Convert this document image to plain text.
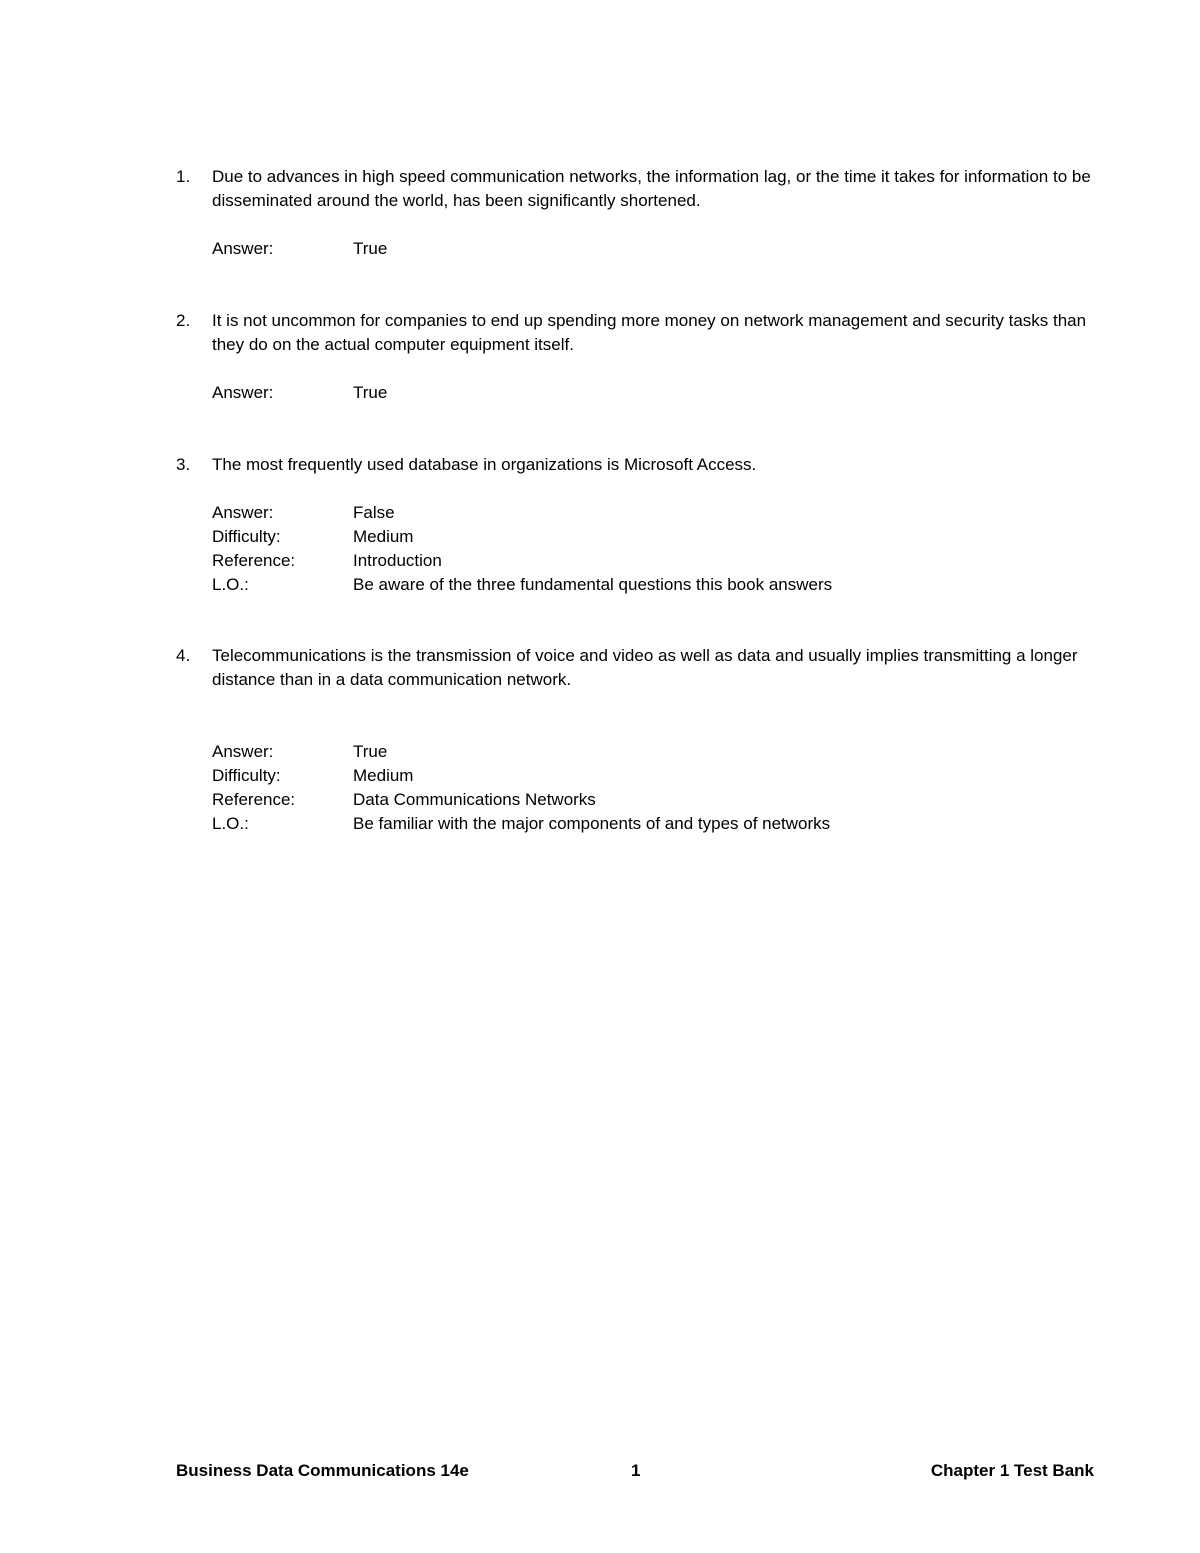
1.	Due to advances in high speed communication networks, the information lag, or the time it takes for information to be disseminated around the world, has been significantly shortened.
Answer:	True
2.	It is not uncommon for companies to end up spending more money on network management and security tasks than they do on the actual computer equipment itself.
Answer:	True
3.	The most frequently used database in organizations is Microsoft Access.
Answer:	False
Difficulty:	Medium
Reference:	Introduction
L.O.:	Be aware of the three fundamental questions this book answers
4.	Telecommunications is the transmission of voice and video as well as data and usually implies transmitting a longer distance than in a data communication network.
Answer:	True
Difficulty:	Medium
Reference:	Data Communications Networks
L.O.:	Be familiar with the major components of and types of networks
Business Data Communications 14e	1	Chapter 1 Test Bank
